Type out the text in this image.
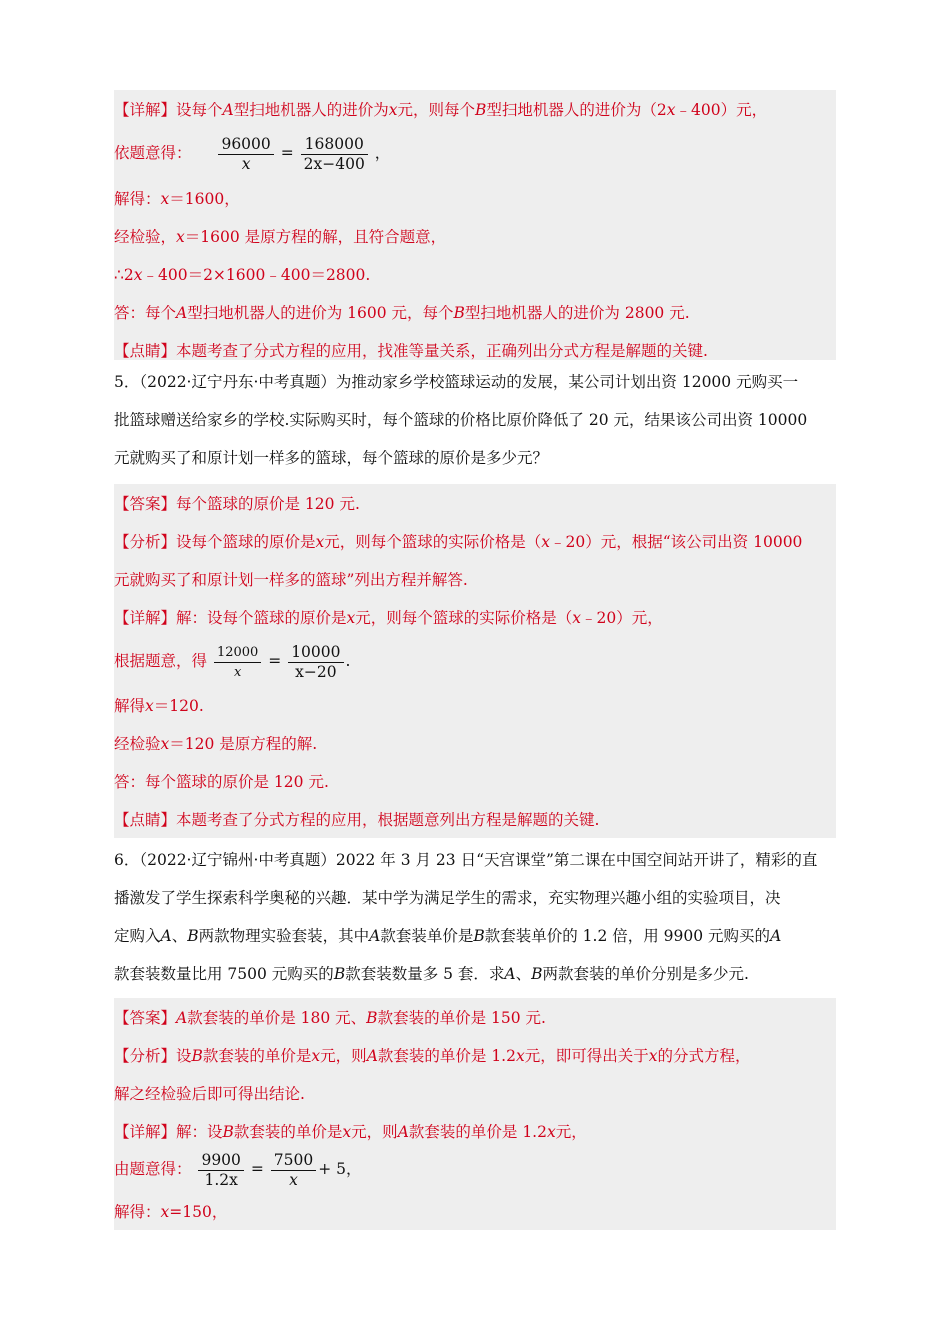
【详解】设每个A型扫地机器人的进价为x元，则每个B型扫地机器人的进价为（2x﹣400）元，
依题意得： $\frac{96000}{x} = \frac{168000}{2x-400}$ ，
解得：x＝1600，
经检验，x＝1600 是原方程的解，且符合题意，
∴2x﹣400＝2×1600﹣400＝2800.
答：每个A型扫地机器人的进价为 1600 元，每个B型扫地机器人的进价为 2800 元.
【点睛】本题考查了分式方程的应用，找准等量关系，正确列出分式方程是解题的关键.
5．（2022·辽宁丹东·中考真题）为推动家乡学校篮球运动的发展，某公司计划出资 12000 元购买一
批篮球赠送给家乡的学校.实际购买时，每个篮球的价格比原价降低了 20 元，结果该公司出资 10000
元就购买了和原计划一样多的篮球，每个篮球的原价是多少元？
【答案】每个篮球的原价是 120 元.
【分析】设每个篮球的原价是x元，则每个篮球的实际价格是（x﹣20）元，根据“该公司出资 10000
元就购买了和原计划一样多的篮球”列出方程并解答.
【详解】解：设每个篮球的原价是x元，则每个篮球的实际价格是（x﹣20）元，
根据题意，得 $\frac{12000}{x} = \frac{10000}{x-20}$ .
解得x＝120.
经检验x＝120 是原方程的解.
答：每个篮球的原价是 120 元.
【点睛】本题考查了分式方程的应用，根据题意列出方程是解题的关键.
6．（2022·辽宁锦州·中考真题）2022 年 3 月 23 日“天宫课堂”第二课在中国空间站开讲了，精彩的直
播激发了学生探索科学奥秘的兴趣．某中学为满足学生的需求，充实物理兴趣小组的实验项目，决
定购入A、B两款物理实验套装，其中A款套装单价是B款套装单价的 1.2 倍，用 9900 元购买的A
款套装数量比用 7500 元购买的B款套装数量多 5 套．求A、B两款套装的单价分别是多少元.
【答案】A款套装的单价是 180 元、B款套装的单价是 150 元.
【分析】设B款套装的单价是x元，则A款套装的单价是 1.2x元，即可得出关于x的分式方程，
解之经检验后即可得出结论.
【详解】解：设B款套装的单价是x元，则A款套装的单价是 1.2x元，
由题意得： $\frac{9900}{1.2x} = \frac{7500}{x} + 5$，
解得：x=150，
